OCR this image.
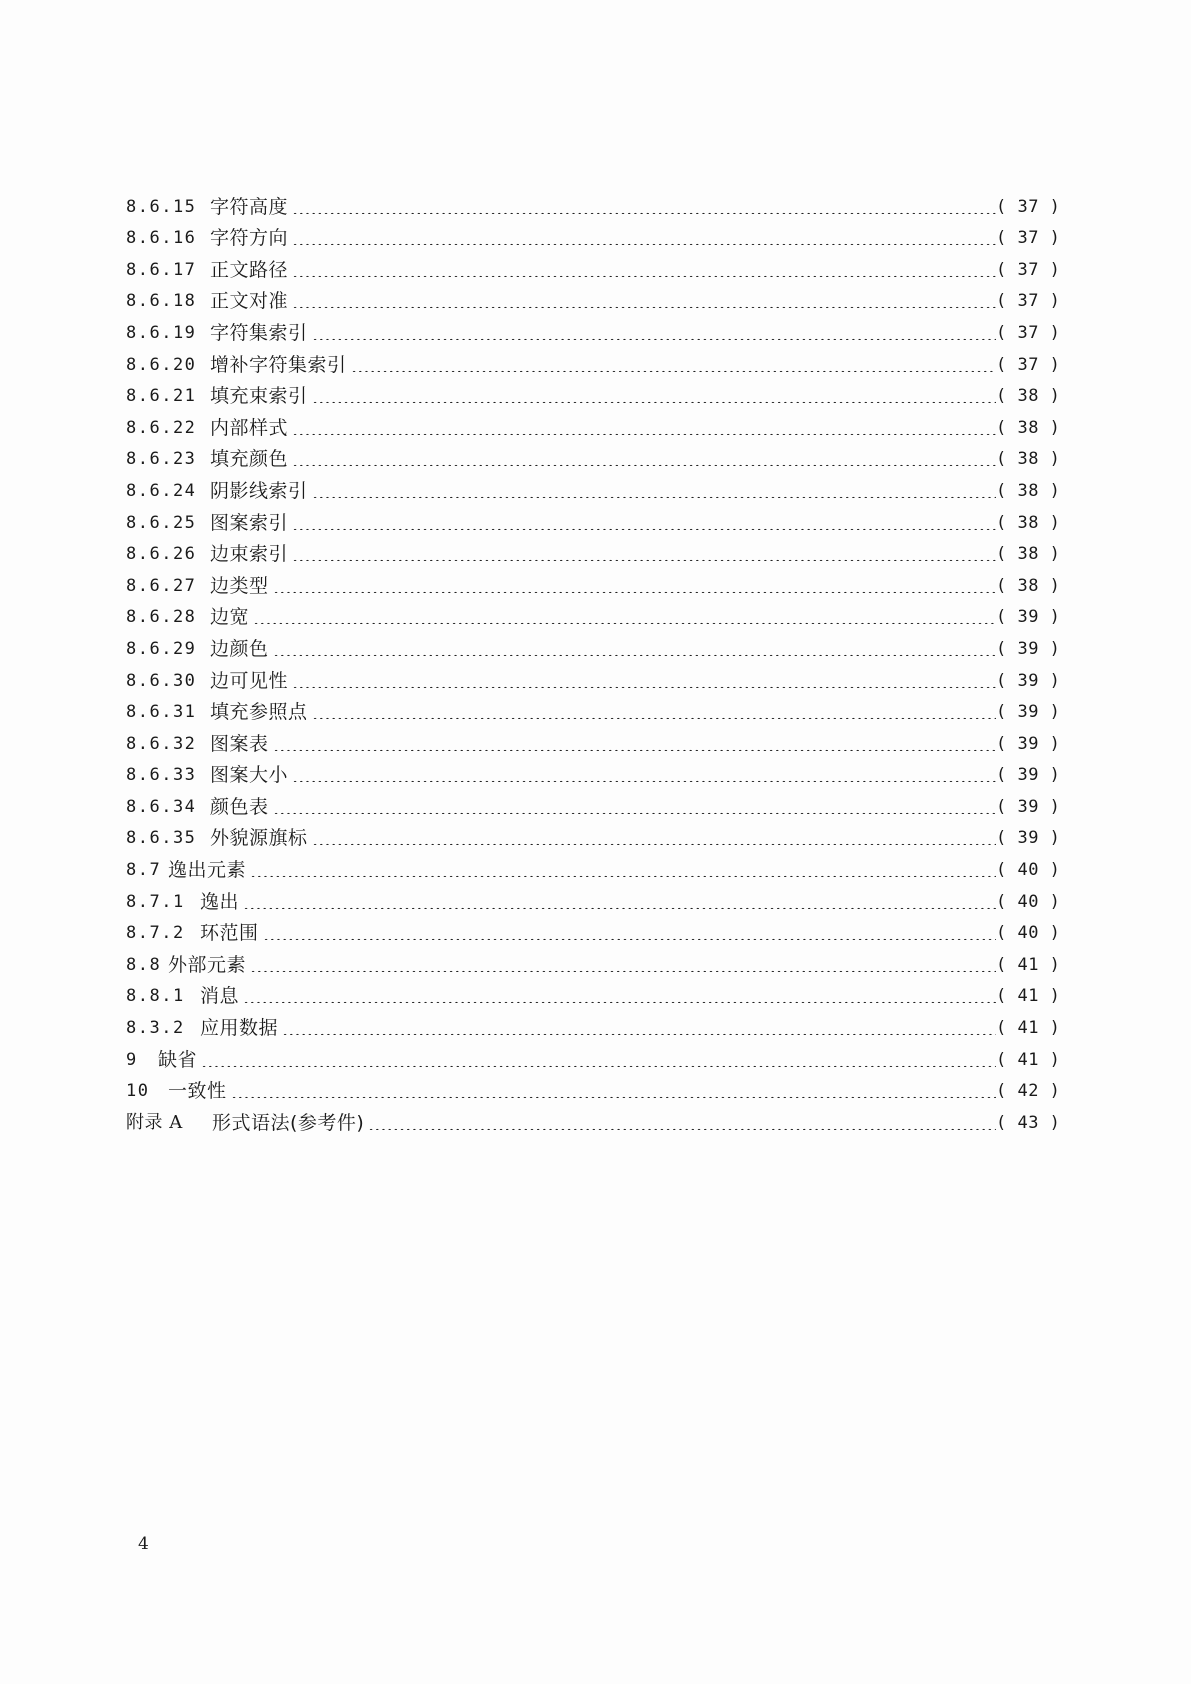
8.6.15 字符高度	( 37 )
8.6.16 字符方向	( 37 )
8.6.17 正文路径	( 37 )
8.6.18 正文对准	( 37 )
8.6.19 字符集索引	( 37 )
8.6.20 增补字符集索引	( 37 )
8.6.21 填充束索引	( 38 )
8.6.22 内部样式	( 38 )
8.6.23 填充颜色	( 38 )
8.6.24 阴影线索引	( 38 )
8.6.25 图案索引	( 38 )
8.6.26 边束索引	( 38 )
8.6.27 边类型	( 38 )
8.6.28 边宽	( 39 )
8.6.29 边颜色	( 39 )
8.6.30 边可见性	( 39 )
8.6.31 填充参照点	( 39 )
8.6.32 图案表	( 39 )
8.6.33 图案大小	( 39 )
8.6.34 颜色表	( 39 )
8.6.35 外貌源旗标	( 39 )
8.7 逸出元素	( 40 )
8.7.1 逸出	( 40 )
8.7.2 环范围	( 40 )
8.8 外部元素	( 41 )
8.8.1 消息	( 41 )
8.3.2 应用数据	( 41 )
9	缺省	( 41 )
10 一致性	( 42 )
附录 A	形式语法(参考件)	( 43 )
4
